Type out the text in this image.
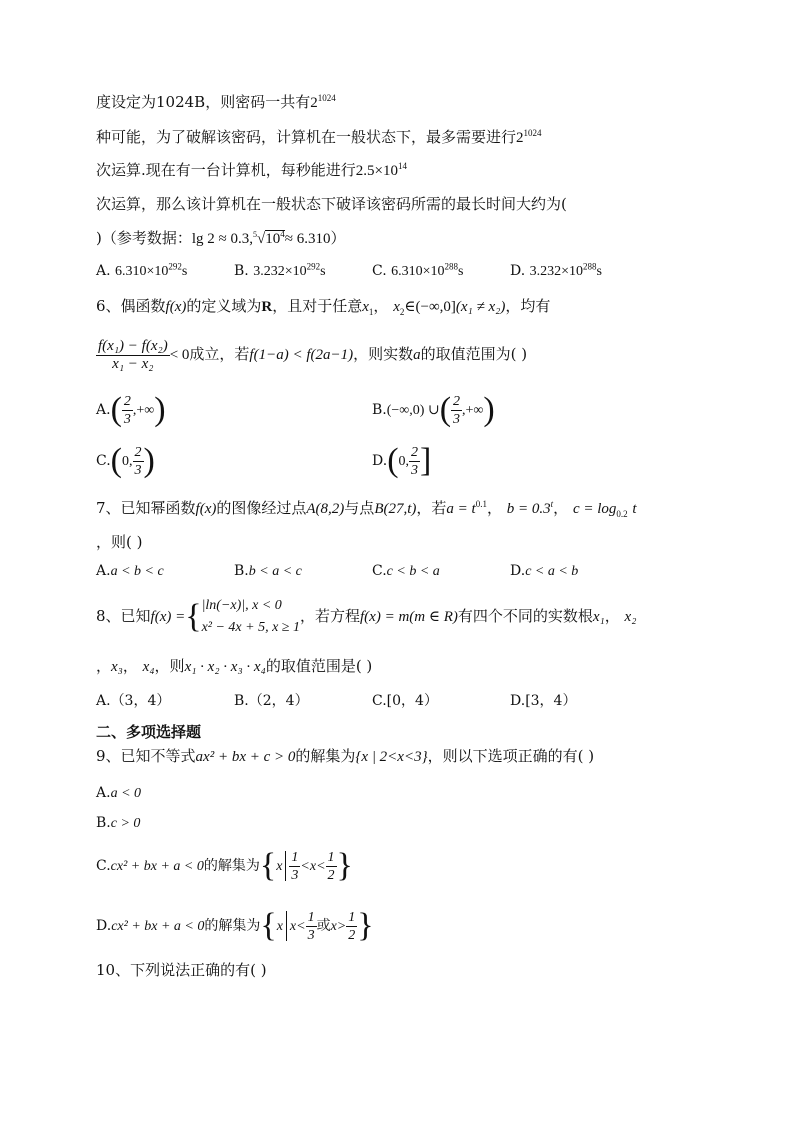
度设定为1024B，则密码一共有$2^{1024}$
种可能，为了破解该密码，计算机在一般状态下，最多需要进行$2^{1024}$
次运算.现在有一台计算机，每秒能进行$2.5\times 10^{14}$
次运算，那么该计算机在一般状态下破译该密码所需的最长时间大约为(
)（参考数据：$\lg 2 \approx 0.3,^5√10^4\approx 6.310$）
A. $6.310\times 10^{292}s$	B. $3.232\times 10^{292}s$	C. $6.310\times 10^{288}s$	D. $3.232\times 10^{288}s$
6、偶函数f(x)的定义域为R，且对于任意$x_1$， $x_2\in(-\infty,0](x_1 \ne x_2)$，均有
$\frac{\text{f(x₁) − f(x₂)}}{\text{x₁ − x₂}} < 0$成立，若f(1−a) < f(2a−1)，则实数a的取值范围为( )
$A.( \frac{2}{3}$ ,+∞)	B.(−∞,0) ∪( $\frac{2}{3}$ ,+∞)
C.(0, $\frac{2}{3}$ )	D.(0, $\frac{2}{3}$ ]
7、已知幂函数f(x)的图像经过点A(8,2)与点B(27,t)，若$a = t^{0.1}$， $b = 0.3^t$， $c = \log_{0.2} t$
，则( )
A.a < b < c	B.b < a < c	C.c < b < a	D.c < a < b
8、已知f(x) ={ |ln(−x)|, x < 0
x² − 4x + 5, x ≥ 1
，若方程f(x) = m(m ∈ R)有四个不同的实数根x₁， x₂
，x₃， x₄，则x₁ · x₂ · x₃ · x₄的取值范围是( )
A.（3，4）	B.（2，4）	C.[0，4）	D.[3，4）
二、多项选择题
9、已知不等式ax² + bx + c > 0的解集为{x | 2<x<3}，则以下选项正确的有( )
A.a < 0
B.c > 0
C.cx² + bx + a < 0的解集为{$x \frac{1}{3} <x< \frac{1}{2}$ }
D.cx² + bx + a < 0的解集为{x $x< \frac{1}{3}$ 或$x> \frac{1}{2}$ }
10、下列说法正确的有( )
